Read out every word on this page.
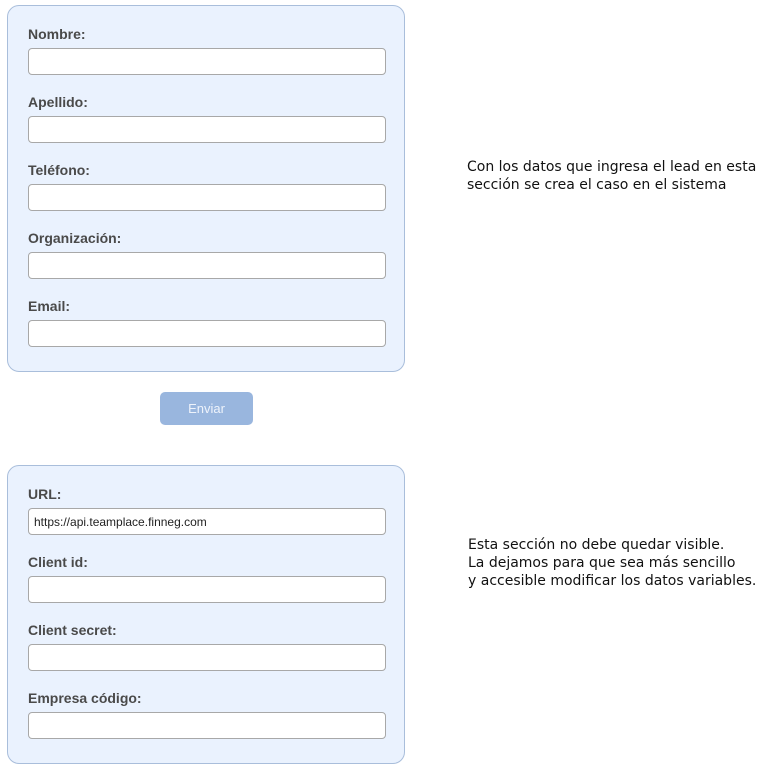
Nombre:
Apellido:
Teléfono:
Organización:
Email:
Enviar
Con los datos que ingresa el lead en esta
sección se crea el caso en el sistema
URL:
https://api.teamplace.finneg.com
Client id:
Client secret:
Empresa código:
Esta sección no debe quedar visible.
La dejamos para que sea más sencillo
y accesible modificar los datos variables.
